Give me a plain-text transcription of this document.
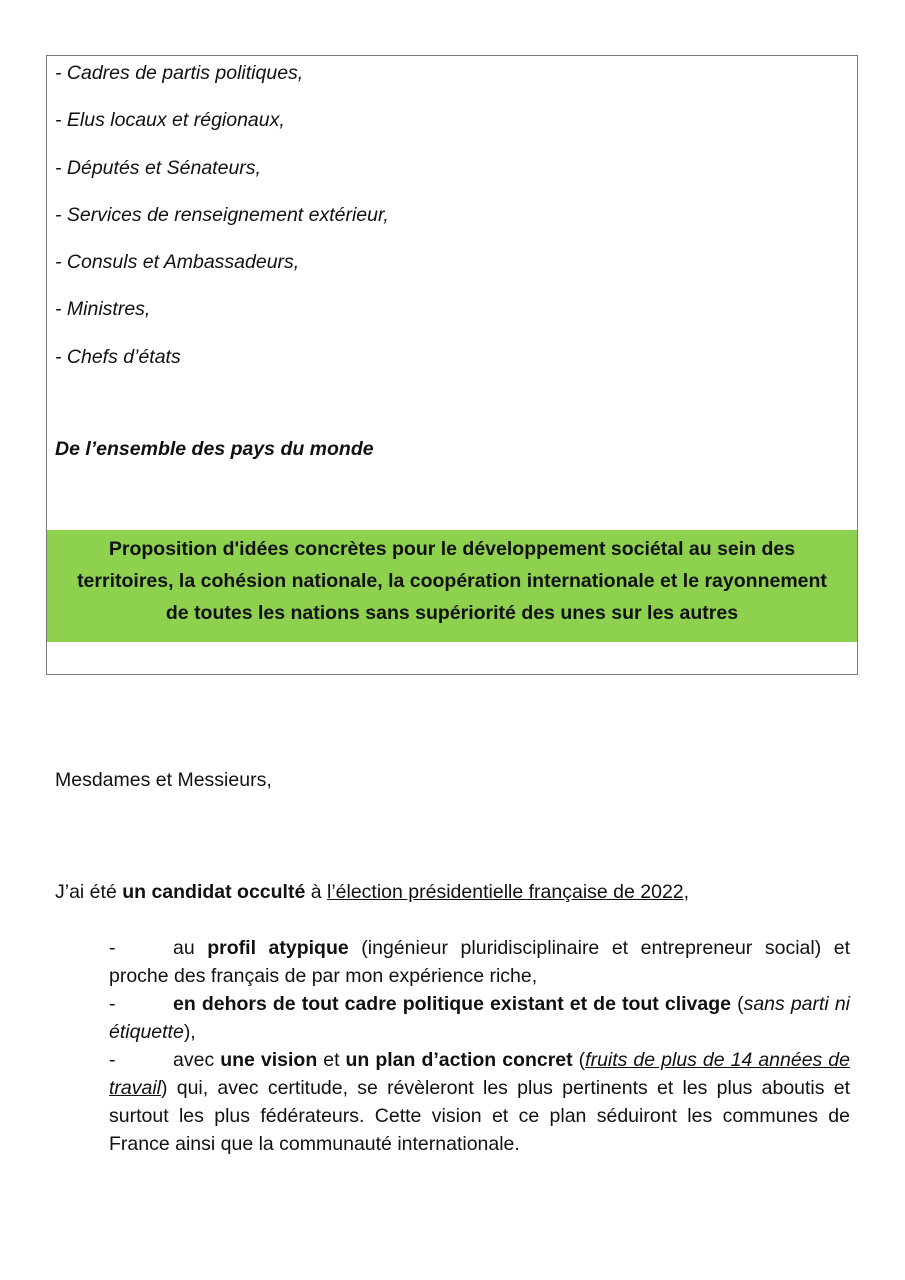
- Cadres de partis politiques,
- Elus locaux et régionaux,
- Députés et Sénateurs,
- Services de renseignement extérieur,
- Consuls et Ambassadeurs,
- Ministres,
- Chefs d’états
De l’ensemble des pays du monde
Proposition d'idées concrètes pour le développement sociétal au sein des territoires, la cohésion nationale, la coopération internationale et le rayonnement de toutes les nations sans supériorité des unes sur les autres
Mesdames et Messieurs,
J’ai été un candidat occulté à l’élection présidentielle française de 2022,
-	au profil atypique (ingénieur pluridisciplinaire et entrepreneur social) et proche des français de par mon expérience riche,
-	en dehors de tout cadre politique existant et de tout clivage (sans parti ni étiquette),
-	avec une vision et un plan d’action concret (fruits de plus de 14 années de travail) qui, avec certitude, se révèleront les plus pertinents et les plus aboutis et surtout les plus fédérateurs. Cette vision et ce plan séduiront les communes de France ainsi que la communauté internationale.
